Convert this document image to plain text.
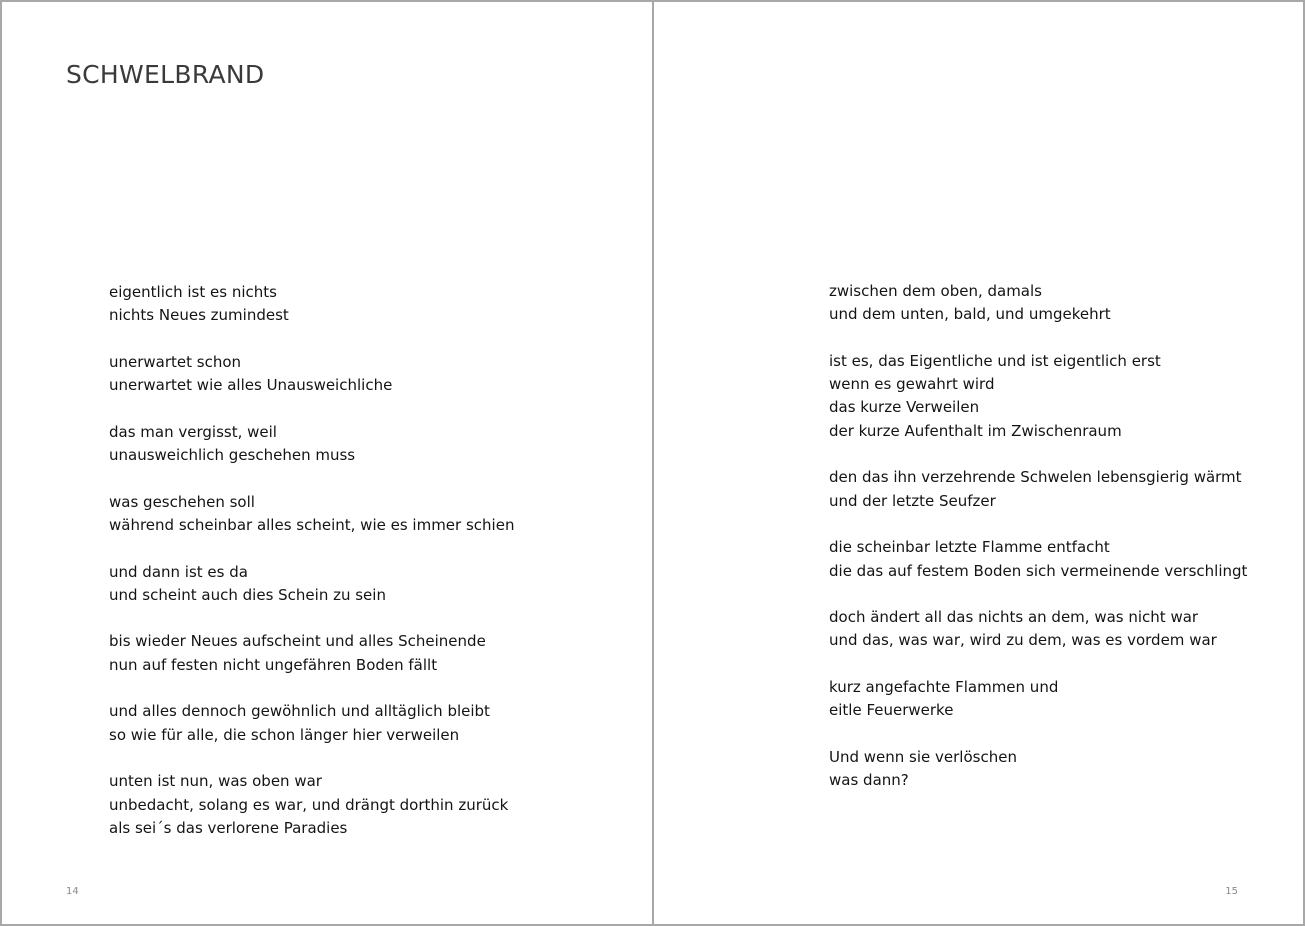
SCHWELBRAND
eigentlich ist es nichts
nichts Neues zumindest
unerwartet schon
unerwartet wie alles Unausweichliche
das man vergisst, weil
unausweichlich geschehen muss
was geschehen soll
während scheinbar alles scheint, wie es immer schien
und dann ist es da
und scheint auch dies Schein zu sein
bis wieder Neues aufscheint und alles Scheinende
nun auf festen nicht ungefähren Boden fällt
und alles dennoch gewöhnlich und alltäglich bleibt
so wie für alle, die schon länger hier verweilen
unten ist nun, was oben war
unbedacht, solang es war, und drängt dorthin zurück
als sei´s das verlorene Paradies
14
zwischen dem oben, damals
und dem unten, bald, und umgekehrt
ist es, das Eigentliche und ist eigentlich erst
wenn es gewahrt wird
das kurze Verweilen
der kurze Aufenthalt im Zwischenraum
den das ihn verzehrende Schwelen lebensgierig wärmt
und der letzte Seufzer
die scheinbar letzte Flamme entfacht
die das auf festem Boden sich vermeinende verschlingt
doch ändert all das nichts an dem, was nicht war
und das, was war, wird zu dem, was es vordem war
kurz angefachte Flammen und
eitle Feuerwerke
Und wenn sie verlöschen
was dann?
15
